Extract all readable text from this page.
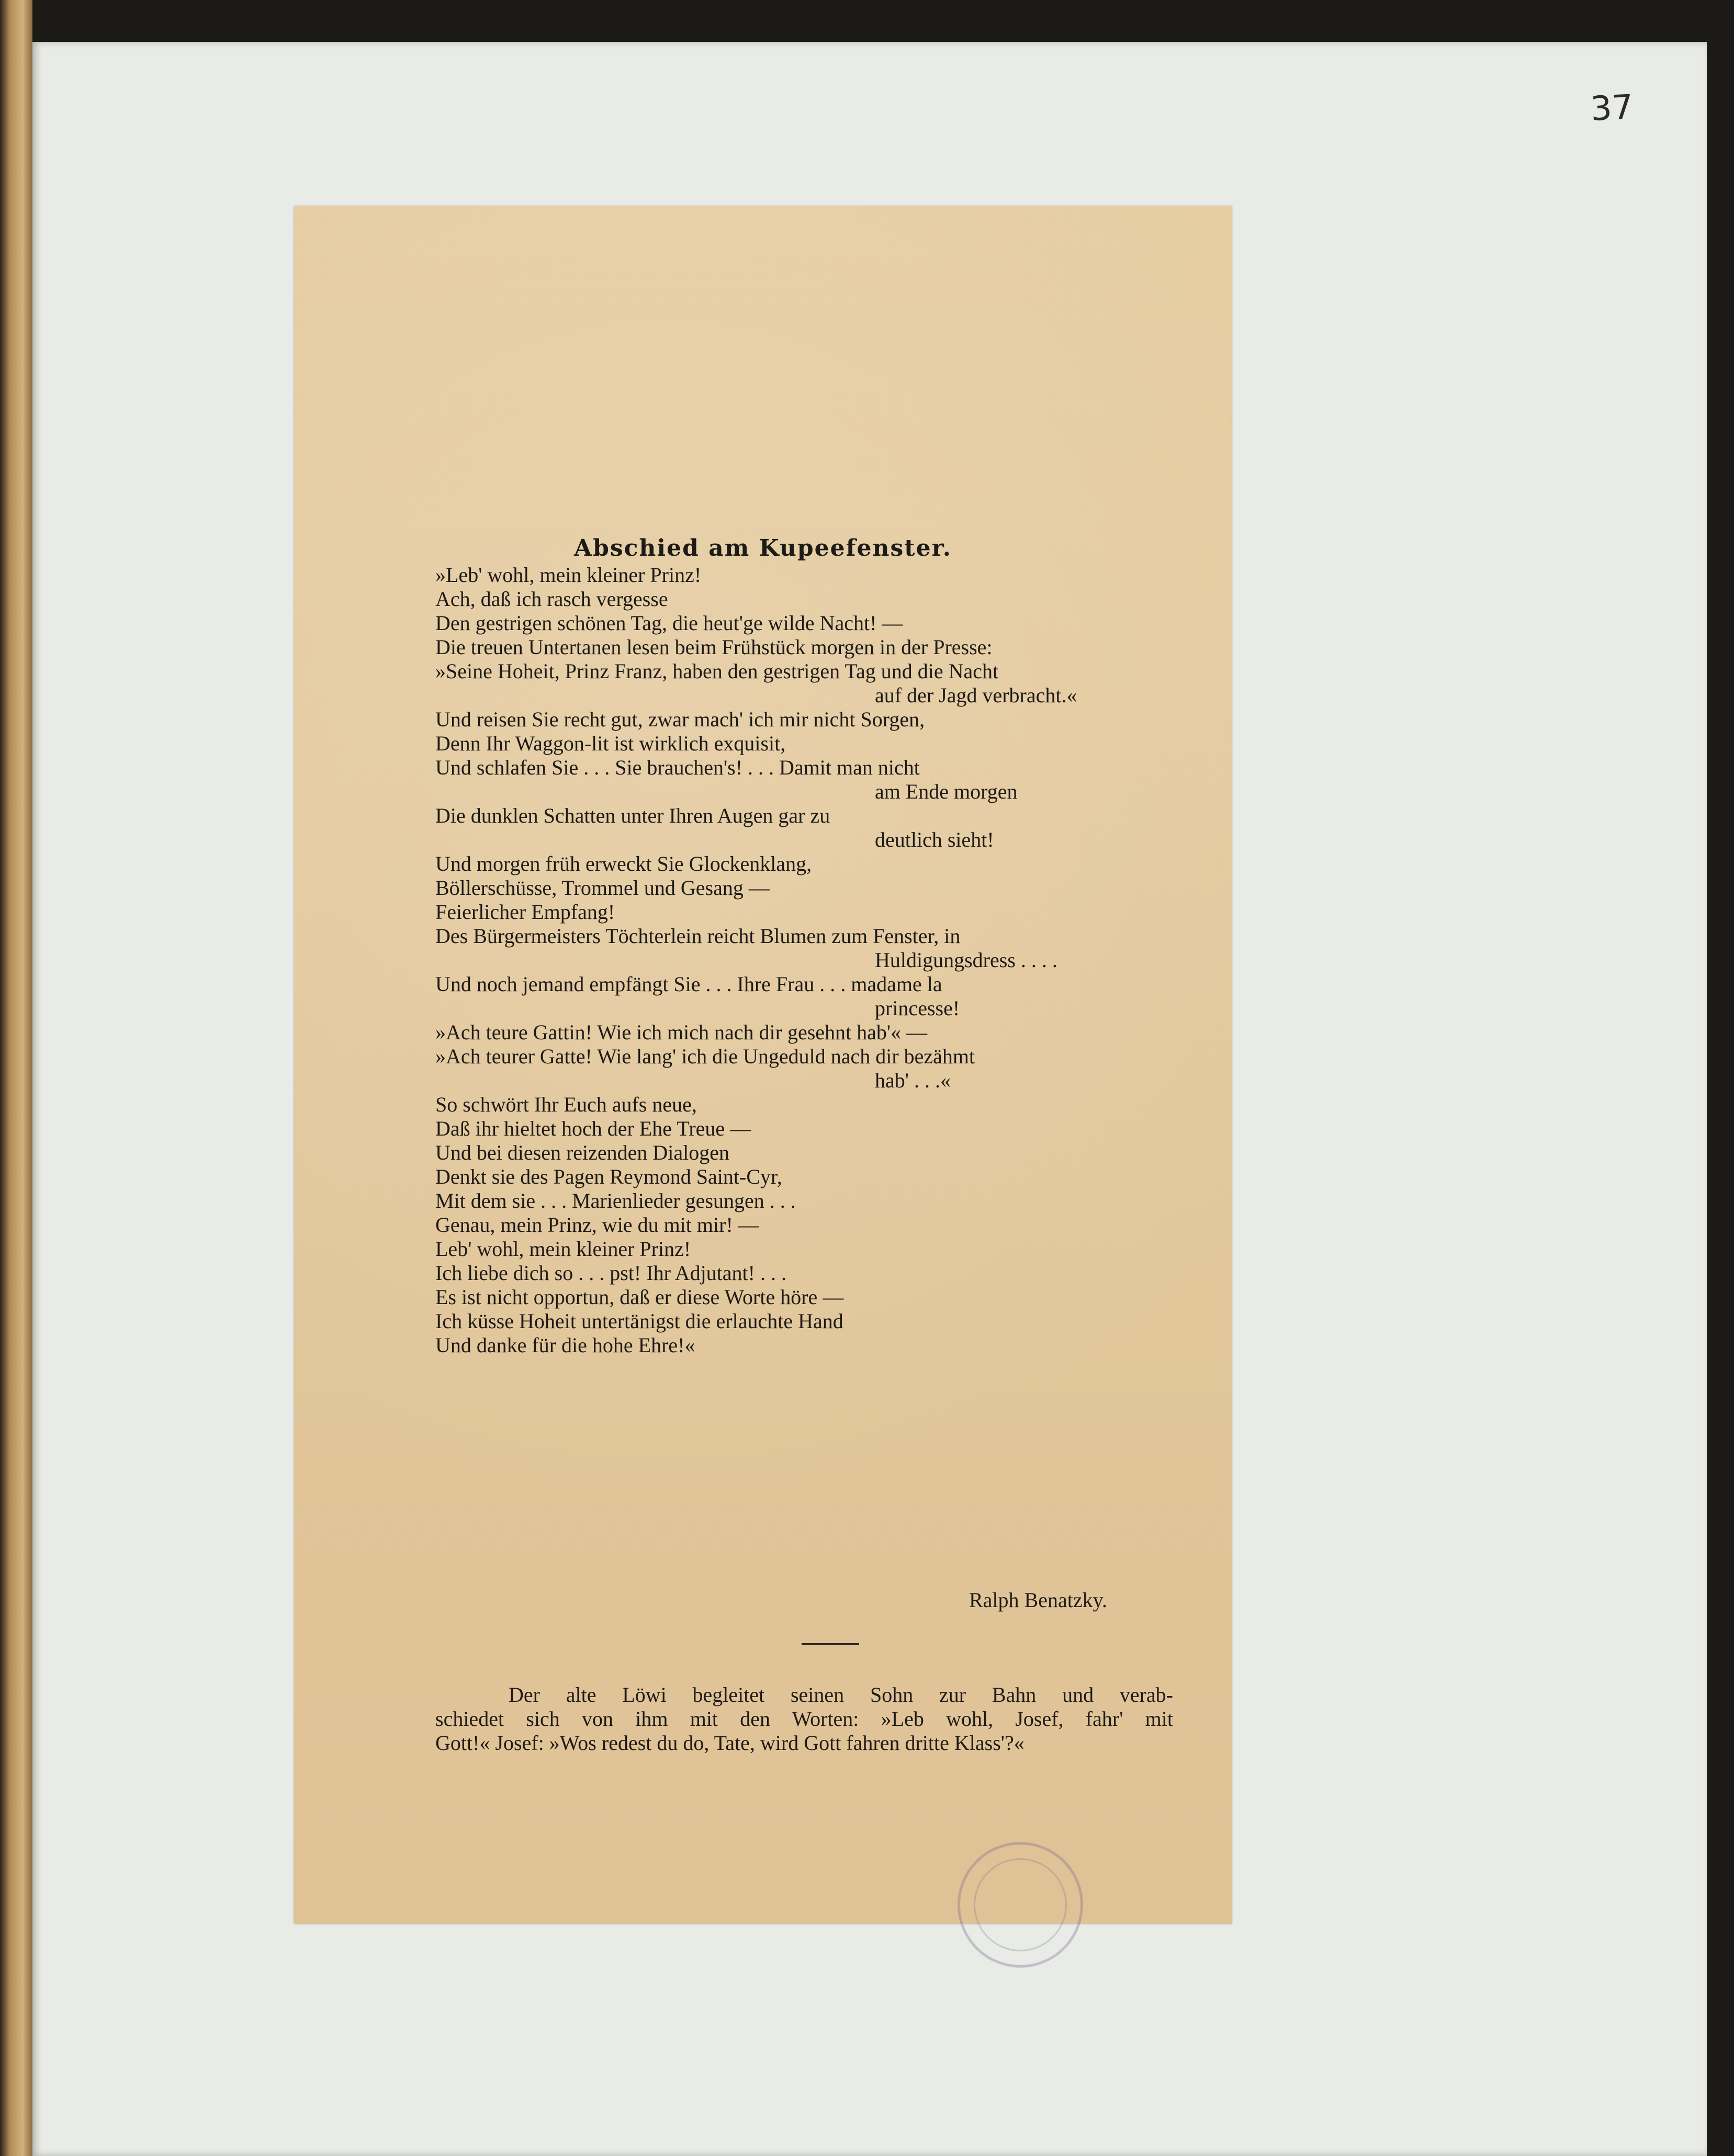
37
Abschied am Kupeefenster.
»Leb' wohl, mein kleiner Prinz!
Ach, daß ich rasch vergesse
Den gestrigen schönen Tag, die heut'ge wilde Nacht! —
Die treuen Untertanen lesen beim Frühstück morgen in der Presse:
»Seine Hoheit, Prinz Franz, haben den gestrigen Tag und die Nacht
auf der Jagd verbracht.«
Und reisen Sie recht gut, zwar mach' ich mir nicht Sorgen,
Denn Ihr Waggon-lit ist wirklich exquisit,
Und schlafen Sie . . . Sie brauchen's! . . . Damit man nicht
am Ende morgen
Die dunklen Schatten unter Ihren Augen gar zu
deutlich sieht!
Und morgen früh erweckt Sie Glockenklang,
Böllerschüsse, Trommel und Gesang —
Feierlicher Empfang!
Des Bürgermeisters Töchterlein reicht Blumen zum Fenster, in
Huldigungsdress . . . .
Und noch jemand empfängt Sie . . . Ihre Frau . . . madame la
princesse!
»Ach teure Gattin! Wie ich mich nach dir gesehnt hab'« —
»Ach teurer Gatte! Wie lang' ich die Ungeduld nach dir bezähmt
hab' . . .«
So schwört Ihr Euch aufs neue,
Daß ihr hieltet hoch der Ehe Treue —
Und bei diesen reizenden Dialogen
Denkt sie des Pagen Reymond Saint-Cyr,
Mit dem sie . . . Marienlieder gesungen . . .
Genau, mein Prinz, wie du mit mir! —
Leb' wohl, mein kleiner Prinz!
Ich liebe dich so . . . pst! Ihr Adjutant! . . .
Es ist nicht opportun, daß er diese Worte höre —
Ich küsse Hoheit untertänigst die erlauchte Hand
Und danke für die hohe Ehre!«
Ralph Benatzky.
Der alte Löwi begleitet seinen Sohn zur Bahn und verab-
schiedet sich von ihm mit den Worten: »Leb wohl, Josef, fahr' mit
Gott!« Josef: »Wos redest du do, Tate, wird Gott fahren dritte Klass'?«
